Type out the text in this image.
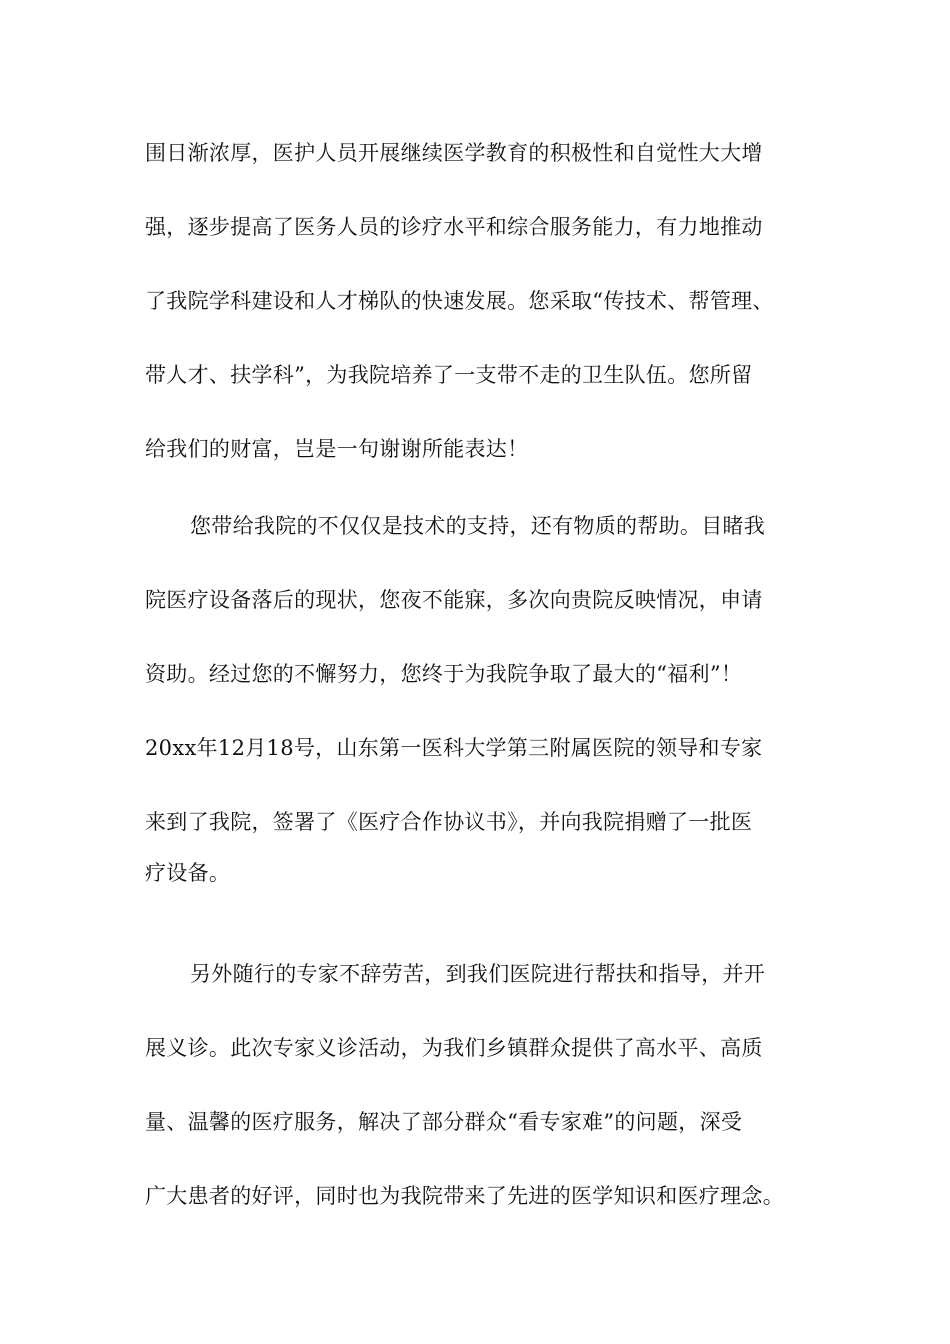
围日渐浓厚，医护人员开展继续医学教育的积极性和自觉性大大增
强，逐步提高了医务人员的诊疗水平和综合服务能力，有力地推动
了我院学科建设和人才梯队的快速发展。您采取“传技术、帮管理、
带人才、扶学科”，为我院培养了一支带不走的卫生队伍。您所留
给我们的财富，岂是一句谢谢所能表达！
您带给我院的不仅仅是技术的支持，还有物质的帮助。目睹我
院医疗设备落后的现状，您夜不能寐，多次向贵院反映情况，申请
资助。经过您的不懈努力，您终于为我院争取了最大的“福利”！
20xx年12月18号，山东第一医科大学第三附属医院的领导和专家
来到了我院，签署了《医疗合作协议书》，并向我院捐赠了一批医
疗设备。
另外随行的专家不辞劳苦，到我们医院进行帮扶和指导，并开
展义诊。此次专家义诊活动，为我们乡镇群众提供了高水平、高质
量、温馨的医疗服务，解决了部分群众“看专家难”的问题，深受
广大患者的好评，同时也为我院带来了先进的医学知识和医疗理念。
